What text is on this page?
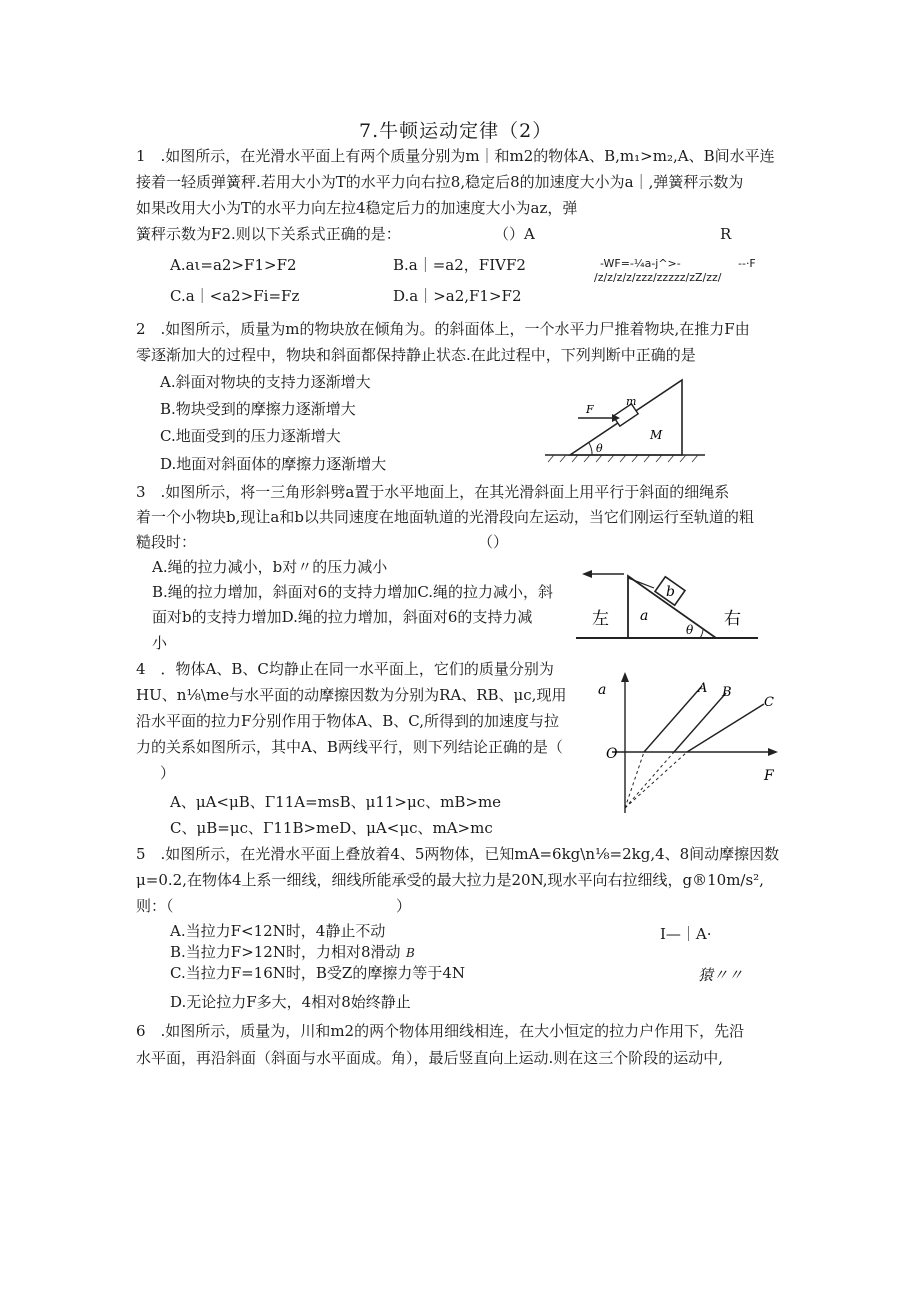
7.牛顿运动定律（2）
1　.如图所示，在光滑水平面上有两个质量分别为m｜和m2的物体A、B,m₁>m₂,A、B间水平连
接着一轻质弹簧秤.若用大小为T的水平力向右拉8,稳定后8的加速度大小为a｜,弹簧秤示数为
如果改用大小为T的水平力向左拉4稳定后力的加速度大小为az，弹
簧秤示数为F2.则以下关系式正确的是：	（）A	R
-WF=-¼a-j^>-	--·F
∕z∕z∕z∕z∕zzz∕zzzzz/zZ∕zz/
A.aι=a2>F1>F2	B.a｜=a2，FIVF2
C.a｜<a2>Fi=Fz	D.a｜>a2,F1>F2
2　.如图所示，质量为m的物块放在倾角为。的斜面体上，一个水平力尸推着物块,在推力F由
零逐渐加大的过程中，物块和斜面都保持静止状态.在此过程中，下列判断中正确的是
A.斜面对物块的支持力逐渐增大
B.物块受到的摩擦力逐渐增大
C.地面受到的压力逐渐增大
D.地面对斜面体的摩擦力逐渐增大
F
m
M
θ
3　.如图所示，将一三角形斜劈a置于水平地面上，在其光滑斜面上用平行于斜面的细绳系
着一个小物块b,现让a和b以共同速度在地面轨道的光滑段向左运动，当它们刚运行至轨道的粗
糙段时：	（）
A.绳的拉力减小，b对〃的压力减小
B.绳的拉力增加，斜面对6的支持力增加C.绳的拉力减小，斜
面对b的支持力增加D.绳的拉力增加，斜面对6的支持力减
小
左	右
a
b
θ
4　．物体A、B、C均静止在同一水平面上，它们的质量分别为
HU、n⅛\me与水平面的动摩擦因数为分别为RA、RB、μc,现用
沿水平面的拉力F分别作用于物体A、B、C,所得到的加速度与拉
力的关系如图所示，其中A、B两线平行，则下列结论正确的是（
）
A、μA<μB、Γ11A=msB、μ11>μc、mB>me
C、μB=μc、Γ11B>meD、μA<μc、mA>mc
a
O
F
A B
C
5　.如图所示，在光滑水平面上叠放着4、5两物体，已知mA=6kg\n⅛=2kg,4、8间动摩擦因数
μ=0.2,在物体4上系一细线，细线所能承受的最大拉力是20N,现水平向右拉细线，g®10m∕s²,
则：（	）
A.当拉力F<12N时，4静止不动
B.当拉力F>12N时，力相对8滑动 B
C.当拉力F=16N时，B受Z的摩擦力等于4N
D.无论拉力F多大，4相对8始终静止
I—｜A·
猿〃〃
6　.如图所示，质量为，川和m2的两个物体用细线相连，在大小恒定的拉力户作用下，先沿
水平面，再沿斜面（斜面与水平面成。角），最后竖直向上运动.则在这三个阶段的运动中,
